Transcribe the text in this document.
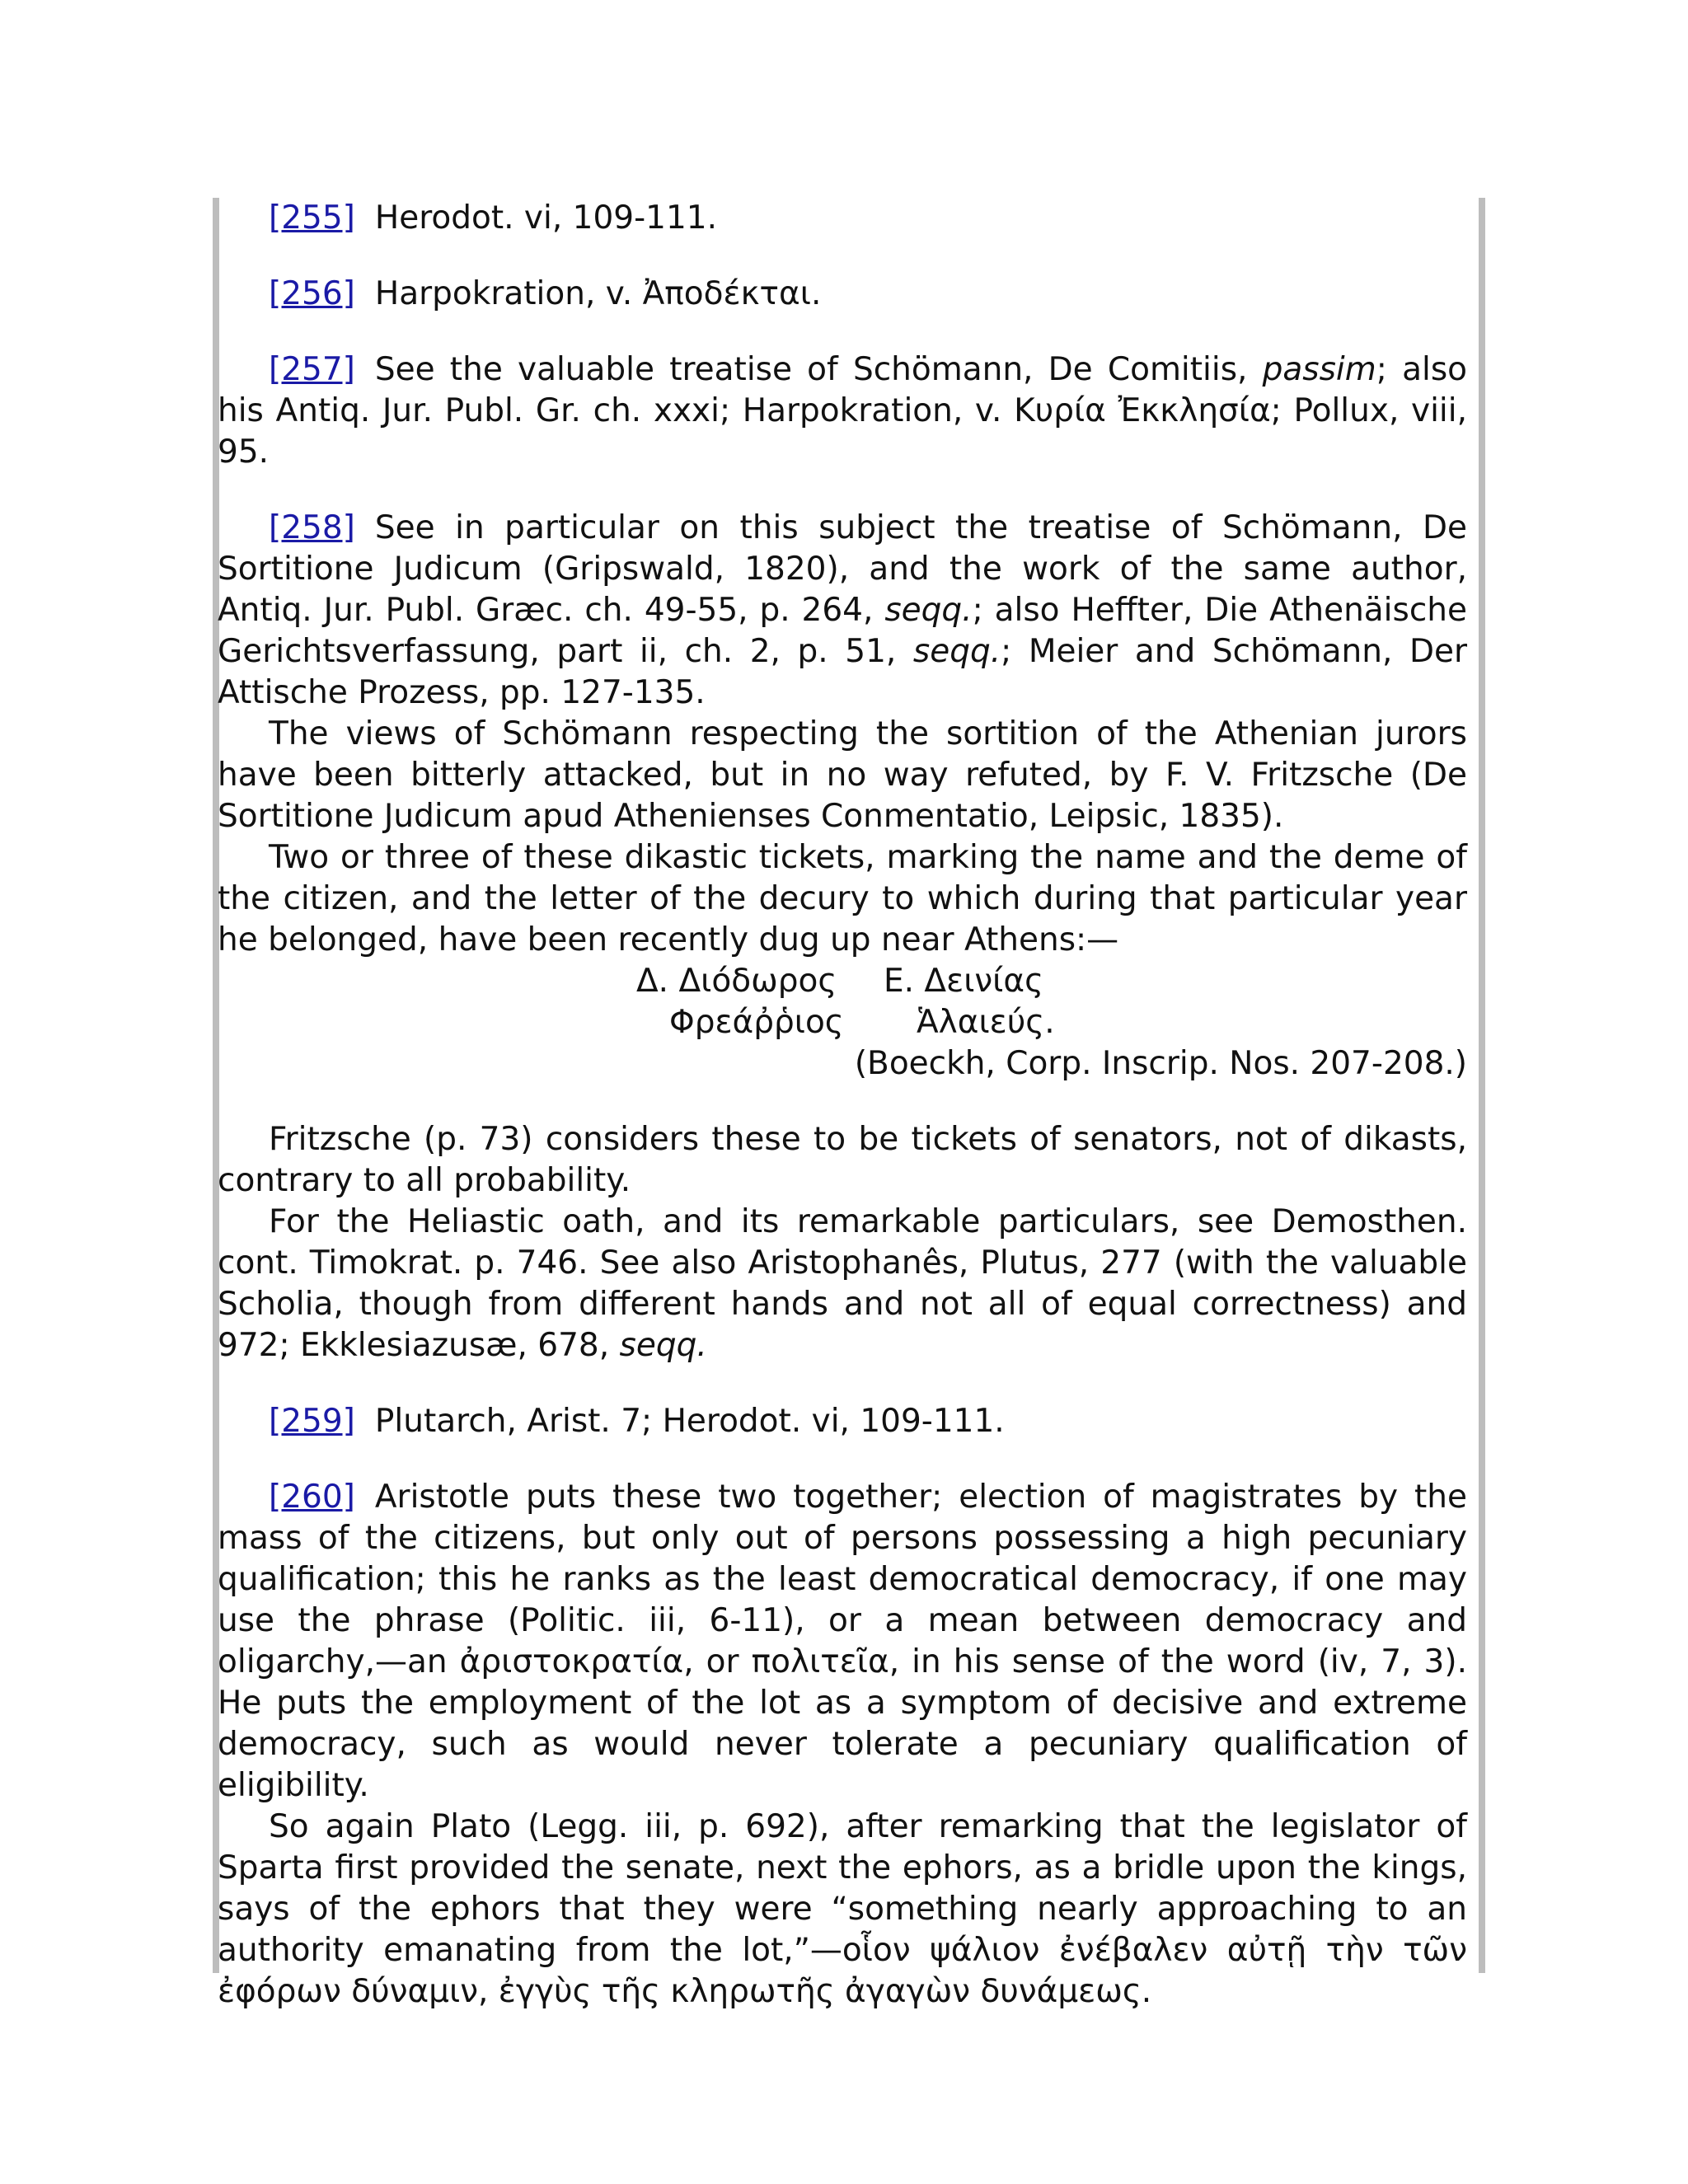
[255] Herodot. vi, 109-111.

[256] Harpokration, v. Ἀποδέκται.

[257] See the valuable treatise of Schömann, De Comitiis, passim; also his Antiq. Jur. Publ. Gr. ch. xxxi; Harpokration, v. Κυρία Ἐκκλησία; Pollux, viii, 95.

[258] See in particular on this subject the treatise of Schömann, De Sortitione Judicum (Gripswald, 1820), and the work of the same author, Antiq. Jur. Publ. Græc. ch. 49-55, p. 264, seqq.; also Heffter, Die Athenäische Gerichtsverfassung, part ii, ch. 2, p. 51, seqq.; Meier and Schömann, Der Attische Prozess, pp. 127-135.

The views of Schömann respecting the sortition of the Athenian jurors have been bitterly attacked, but in no way refuted, by F. V. Fritzsche (De Sortitione Judicum apud Athenienses Conmentatio, Leipsic, 1835).

Two or three of these dikastic tickets, marking the name and the deme of the citizen, and the letter of the decury to which during that particular year he belonged, have been recently dug up near Athens:—

Δ. Διόδωρος Ε. Δεινίας
Φρεάῤῥιος Ἁλαιεύς.
(Boeckh, Corp. Inscrip. Nos. 207-208.)

Fritzsche (p. 73) considers these to be tickets of senators, not of dikasts, contrary to all probability.

For the Heliastic oath, and its remarkable particulars, see Demosthen. cont. Timokrat. p. 746. See also Aristophanês, Plutus, 277 (with the valuable Scholia, though from different hands and not all of equal correctness) and 972; Ekklesiazusæ, 678, seqq.

[259] Plutarch, Arist. 7; Herodot. vi, 109-111.

[260] Aristotle puts these two together; election of magistrates by the mass of the citizens, but only out of persons possessing a high pecuniary qualification; this he ranks as the least democratical democracy, if one may use the phrase (Politic. iii, 6-11), or a mean between democracy and oligarchy,—an ἀριστοκρατία, or πολιτεῖα, in his sense of the word (iv, 7, 3). He puts the employment of the lot as a symptom of decisive and extreme democracy, such as would never tolerate a pecuniary qualification of eligibility.

So again Plato (Legg. iii, p. 692), after remarking that the legislator of Sparta first provided the senate, next the ephors, as a bridle upon the kings, says of the ephors that they were “something nearly approaching to an authority emanating from the lot,”—οἷον ψάλιον ἐνέβαλεν αὐτῇ τὴν τῶν ἐφόρων δύναμιν, ἐγγὺς τῆς κληρωτῆς ἀγαγὼν δυνάμεως.
